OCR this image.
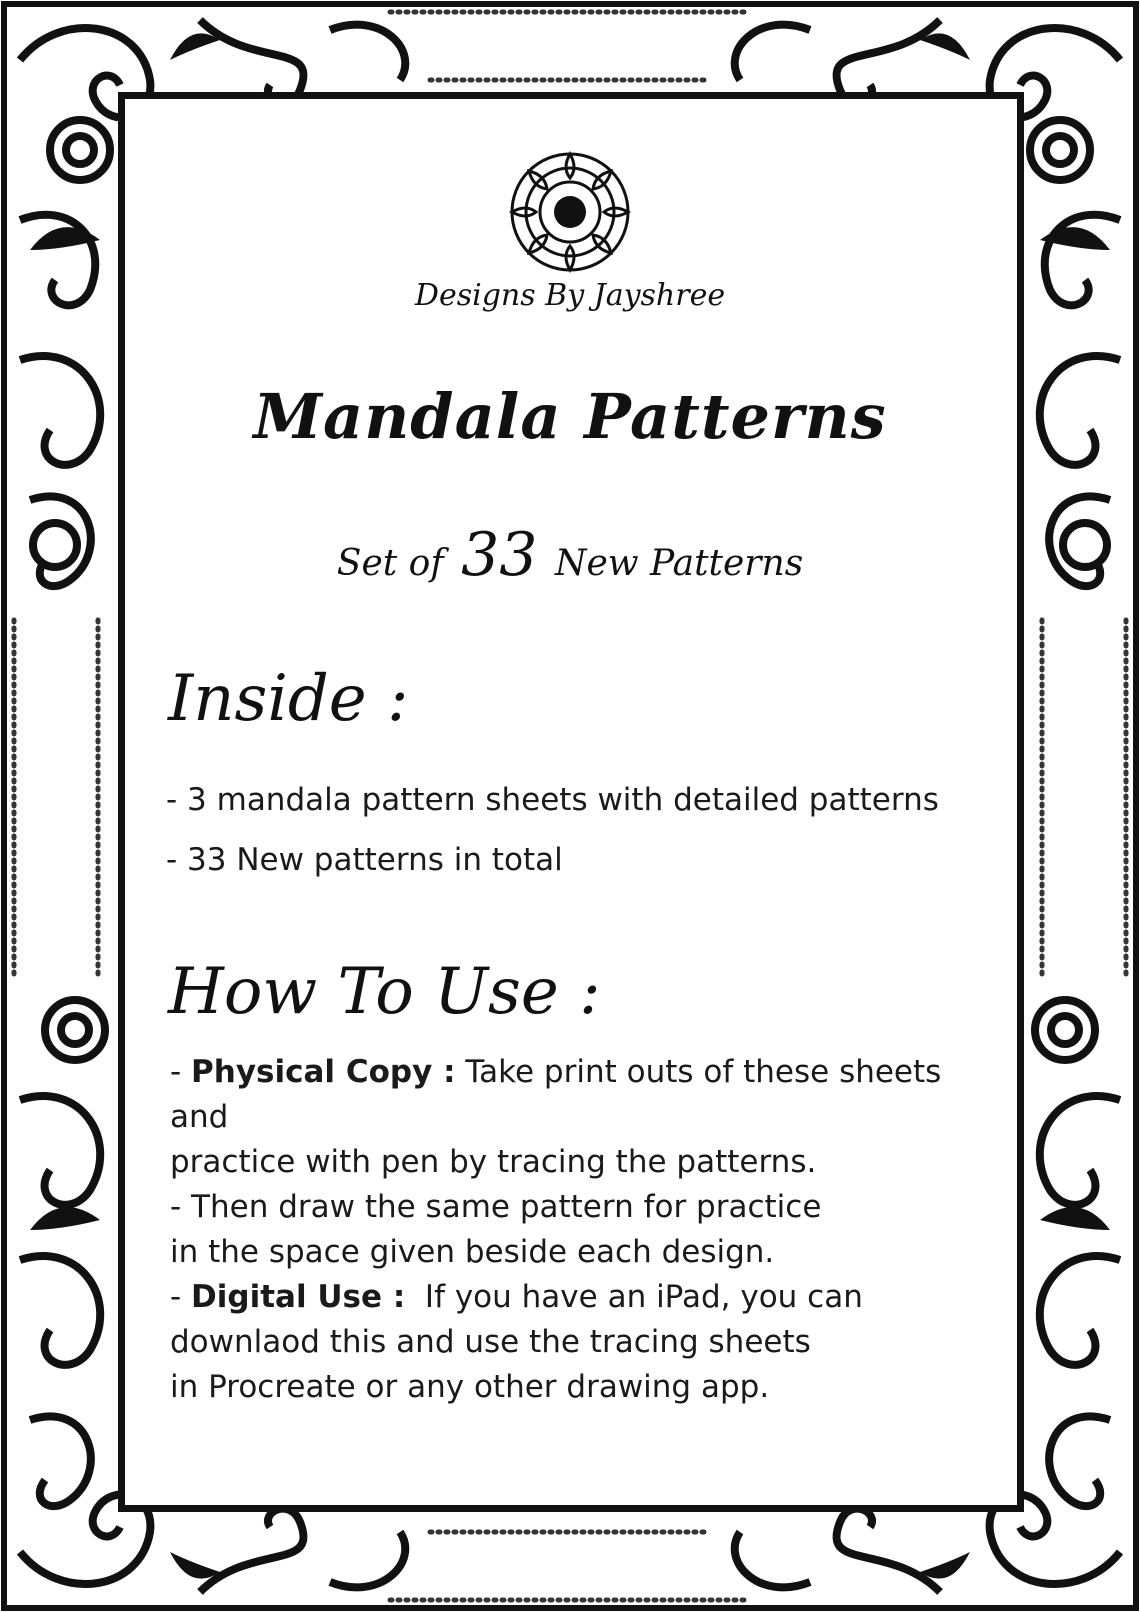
Designs By Jayshree
Mandala Patterns
Set of 33 New Patterns
Inside :
- 3 mandala pattern sheets with detailed patterns
- 33 New patterns in total
How To Use :

- Physical Copy : Take print outs of these sheets and

practice with pen by tracing the patterns.

- Then draw the same pattern for practice

in the space given beside each design.

- Digital Use :  If you have an iPad, you can

downlaod this and use the tracing sheets

in Procreate or any other drawing app.
